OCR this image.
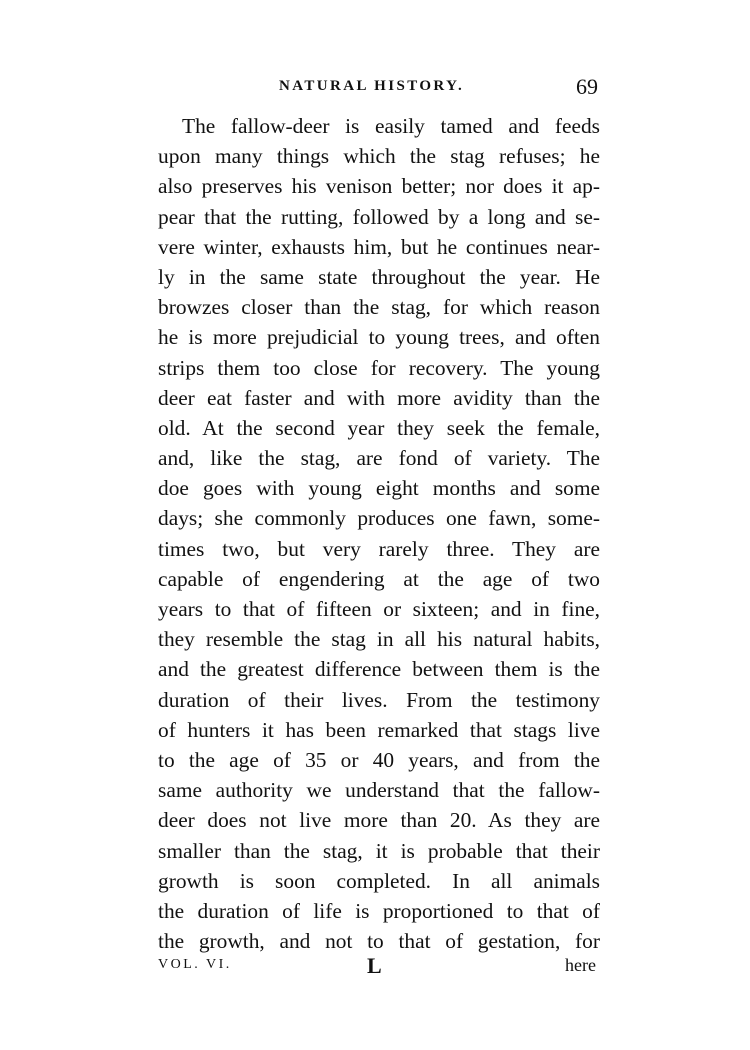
NATURAL HISTORY.	69
The fallow-deer is easily tamed and feeds
upon many things which the stag refuses; he
also preserves his venison better; nor does it ap-
pear that the rutting, followed by a long and se-
vere winter, exhausts him, but he continues near-
ly in the same state throughout the year. He
browzes closer than the stag, for which reason
he is more prejudicial to young trees, and often
strips them too close for recovery. The young
deer eat faster and with more avidity than the
old. At the second year they seek the female,
and, like the stag, are fond of variety. The
doe goes with young eight months and some
days; she commonly produces one fawn, some-
times two, but very rarely three. They are
capable of engendering at the age of two
years to that of fifteen or sixteen; and in fine,
they resemble the stag in all his natural habits,
and the greatest difference between them is the
duration of their lives. From the testimony
of hunters it has been remarked that stags live
to the age of 35 or 40 years, and from the
same authority we understand that the fallow-
deer does not live more than 20. As they are
smaller than the stag, it is probable that their
growth is soon completed. In all animals
the duration of life is proportioned to that of
the growth, and not to that of gestation, for
VOL. VI.	L	here
